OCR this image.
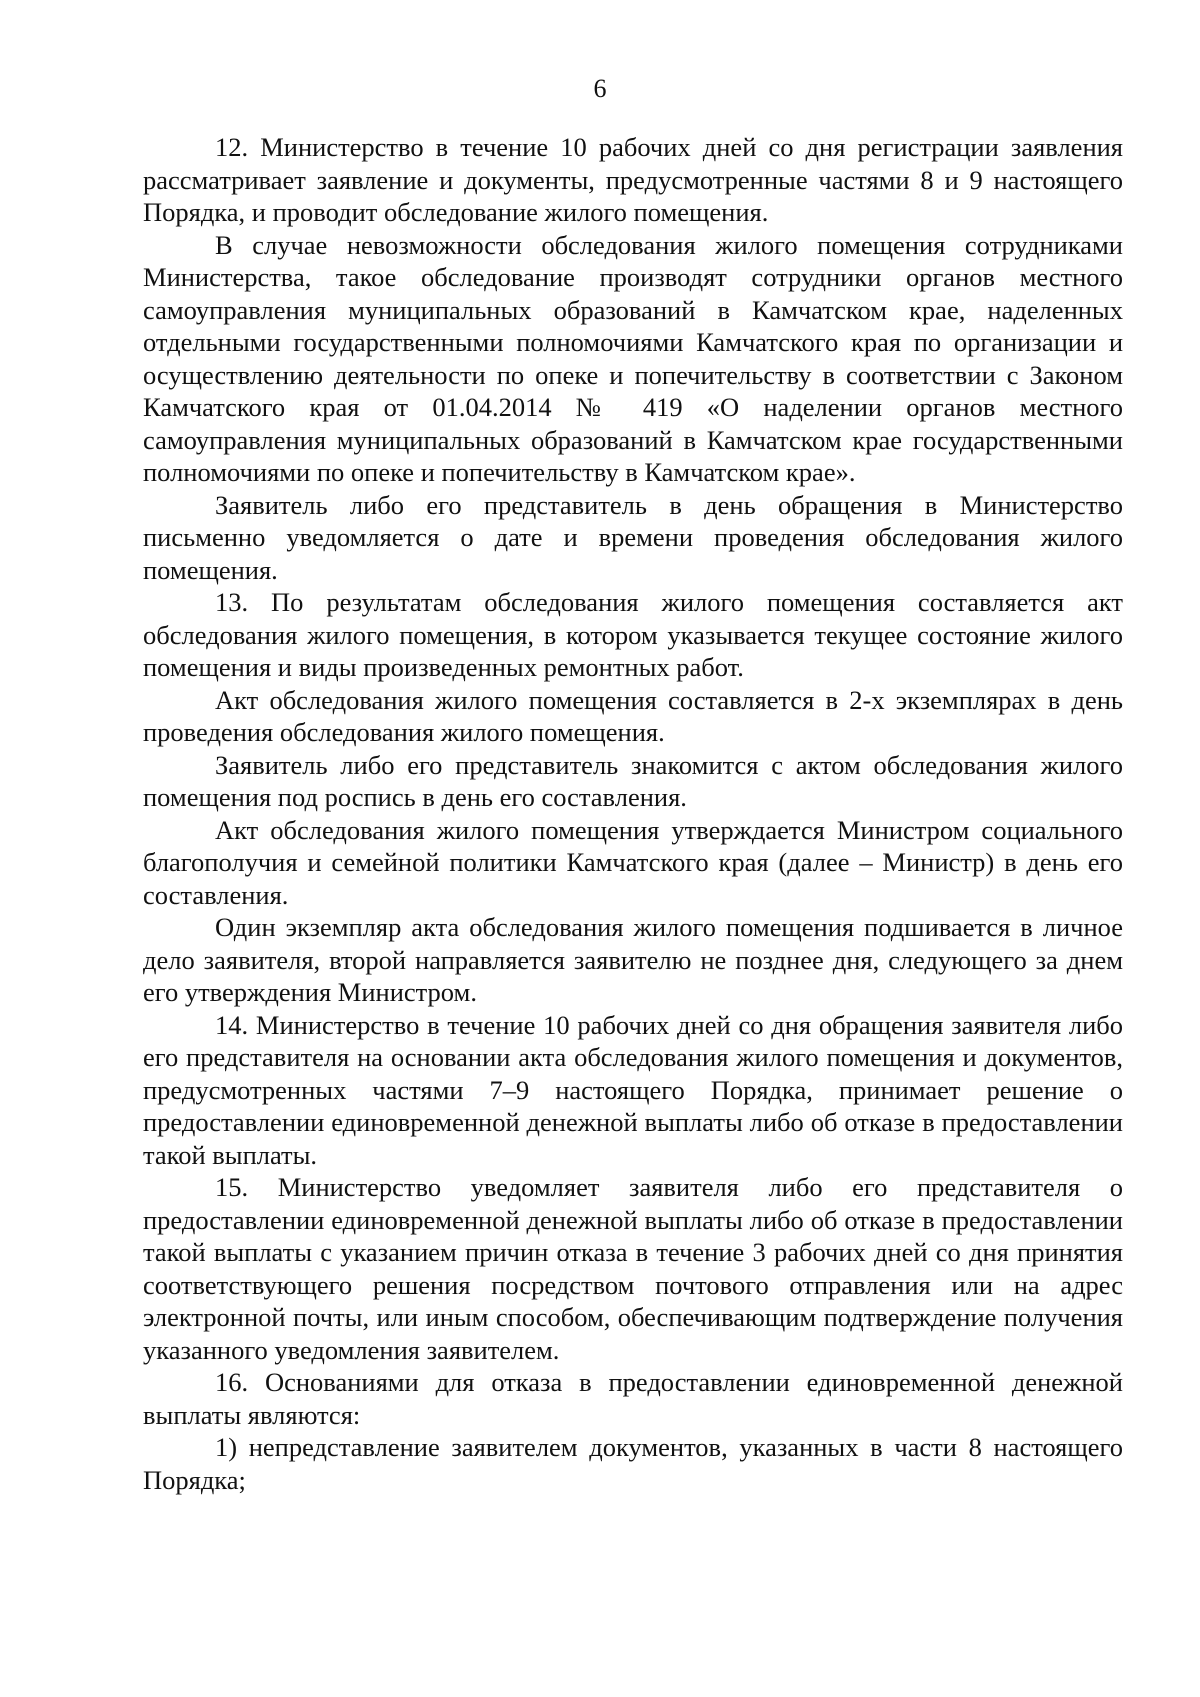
6

12. Министерство в течение 10 рабочих дней со дня регистрации заявления рассматривает заявление и документы, предусмотренные частями 8 и 9 настоящего Порядка, и проводит обследование жилого помещения.

В случае невозможности обследования жилого помещения сотрудниками Министерства, такое обследование производят сотрудники органов местного самоуправления муниципальных образований в Камчатском крае, наделенных отдельными государственными полномочиями Камчатского края по организации и осуществлению деятельности по опеке и попечительству в соответствии с Законом Камчатского края от 01.04.2014 № 419 «О наделении органов местного самоуправления муниципальных образований в Камчатском крае государственными полномочиями по опеке и попечительству в Камчатском крае».

Заявитель либо его представитель в день обращения в Министерство письменно уведомляется о дате и времени проведения обследования жилого помещения.

13. По результатам обследования жилого помещения составляется акт обследования жилого помещения, в котором указывается текущее состояние жилого помещения и виды произведенных ремонтных работ.

Акт обследования жилого помещения составляется в 2-х экземплярах в день проведения обследования жилого помещения.

Заявитель либо его представитель знакомится с актом обследования жилого помещения под роспись в день его составления.

Акт обследования жилого помещения утверждается Министром социального благополучия и семейной политики Камчатского края (далее – Министр) в день его составления.

Один экземпляр акта обследования жилого помещения подшивается в личное дело заявителя, второй направляется заявителю не позднее дня, следующего за днем его утверждения Министром.

14. Министерство в течение 10 рабочих дней со дня обращения заявителя либо его представителя на основании акта обследования жилого помещения и документов, предусмотренных частями 7–9 настоящего Порядка, принимает решение о предоставлении единовременной денежной выплаты либо об отказе в предоставлении такой выплаты.

15. Министерство уведомляет заявителя либо его представителя о предоставлении единовременной денежной выплаты либо об отказе в предоставлении такой выплаты с указанием причин отказа в течение 3 рабочих дней со дня принятия соответствующего решения посредством почтового отправления или на адрес электронной почты, или иным способом, обеспечивающим подтверждение получения указанного уведомления заявителем.

16. Основаниями для отказа в предоставлении единовременной денежной выплаты являются:

1) непредставление заявителем документов, указанных в части 8 настоящего Порядка;
